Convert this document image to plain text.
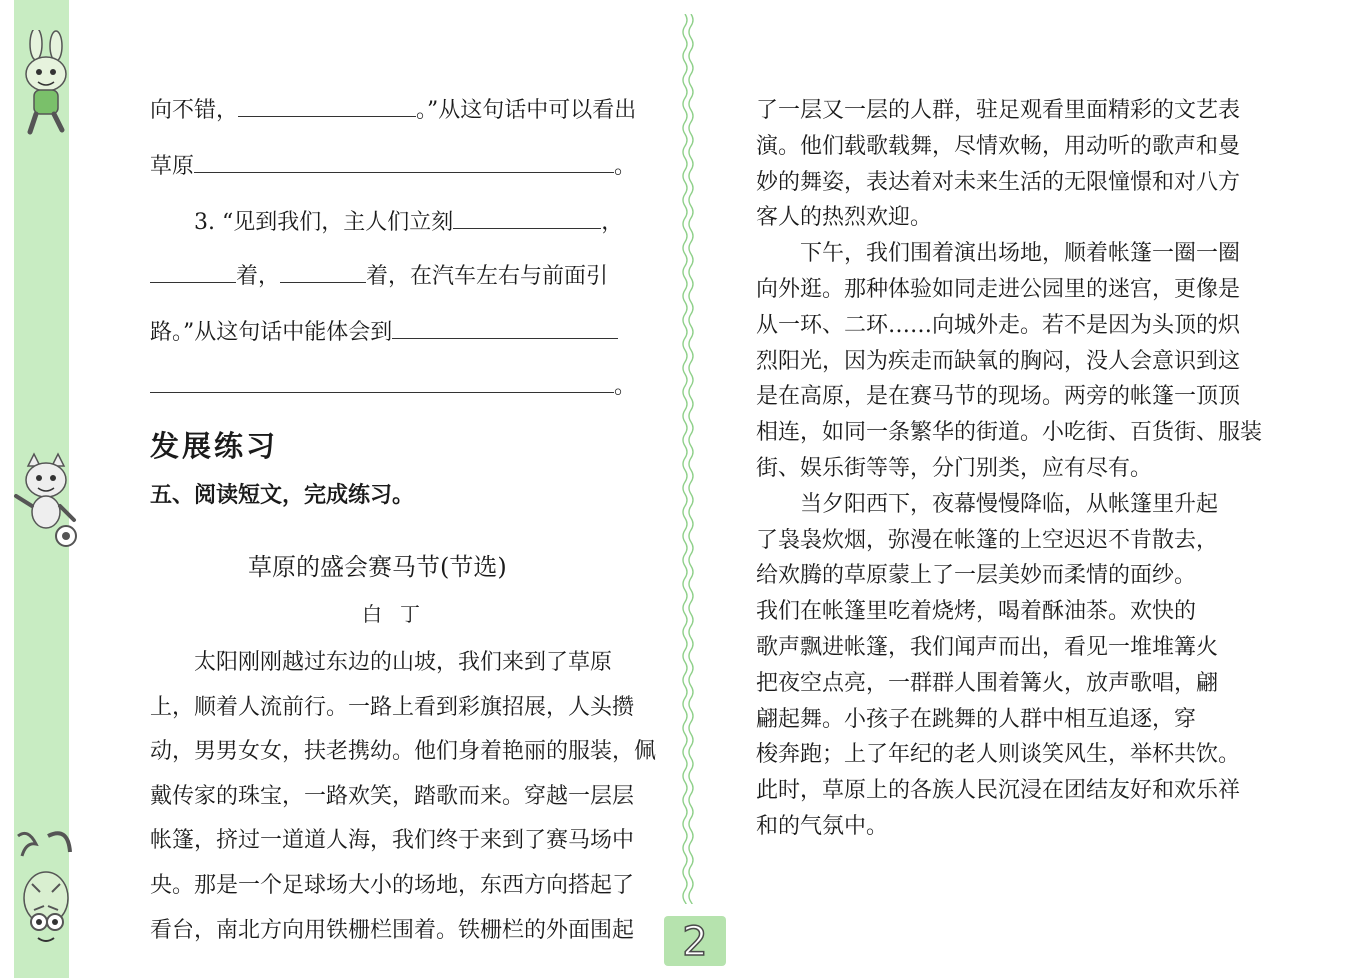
向不错，	。”从这句话中可以看出
草原	。
3. “见到我们，主人们立刻	，
着，	着，在汽车左右与前面引
路。”从这句话中能体会到
。
发展练习
五、阅读短文，完成练习。
草原的盛会赛马节(节选)
白丁
太阳刚刚越过东边的山坡，我们来到了草原
上，顺着人流前行。一路上看到彩旗招展，人头攒
动，男男女女，扶老携幼。他们身着艳丽的服装，佩
戴传家的珠宝，一路欢笑，踏歌而来。穿越一层层
帐篷，挤过一道道人海，我们终于来到了赛马场中
央。那是一个足球场大小的场地，东西方向搭起了
看台，南北方向用铁栅栏围着。铁栅栏的外面围起
了一层又一层的人群，驻足观看里面精彩的文艺表
演。他们载歌载舞，尽情欢畅，用动听的歌声和曼
妙的舞姿，表达着对未来生活的无限憧憬和对八方
客人的热烈欢迎。
下午，我们围着演出场地，顺着帐篷一圈一圈
向外逛。那种体验如同走进公园里的迷宫，更像是
从一环、二环……向城外走。若不是因为头顶的炽
烈阳光，因为疾走而缺氧的胸闷，没人会意识到这
是在高原，是在赛马节的现场。两旁的帐篷一顶顶
相连，如同一条繁华的街道。小吃街、百货街、服装
街、娱乐街等等，分门别类，应有尽有。
当夕阳西下，夜幕慢慢降临，从帐篷里升起
了袅袅炊烟，弥漫在帐篷的上空迟迟不肯散去，
给欢腾的草原蒙上了一层美妙而柔情的面纱。
我们在帐篷里吃着烧烤，喝着酥油茶。欢快的
歌声飘进帐篷，我们闻声而出，看见一堆堆篝火
把夜空点亮，一群群人围着篝火，放声歌唱，翩
翩起舞。小孩子在跳舞的人群中相互追逐，穿
梭奔跑；上了年纪的老人则谈笑风生，举杯共饮。
此时，草原上的各族人民沉浸在团结友好和欢乐祥
和的气氛中。
2
